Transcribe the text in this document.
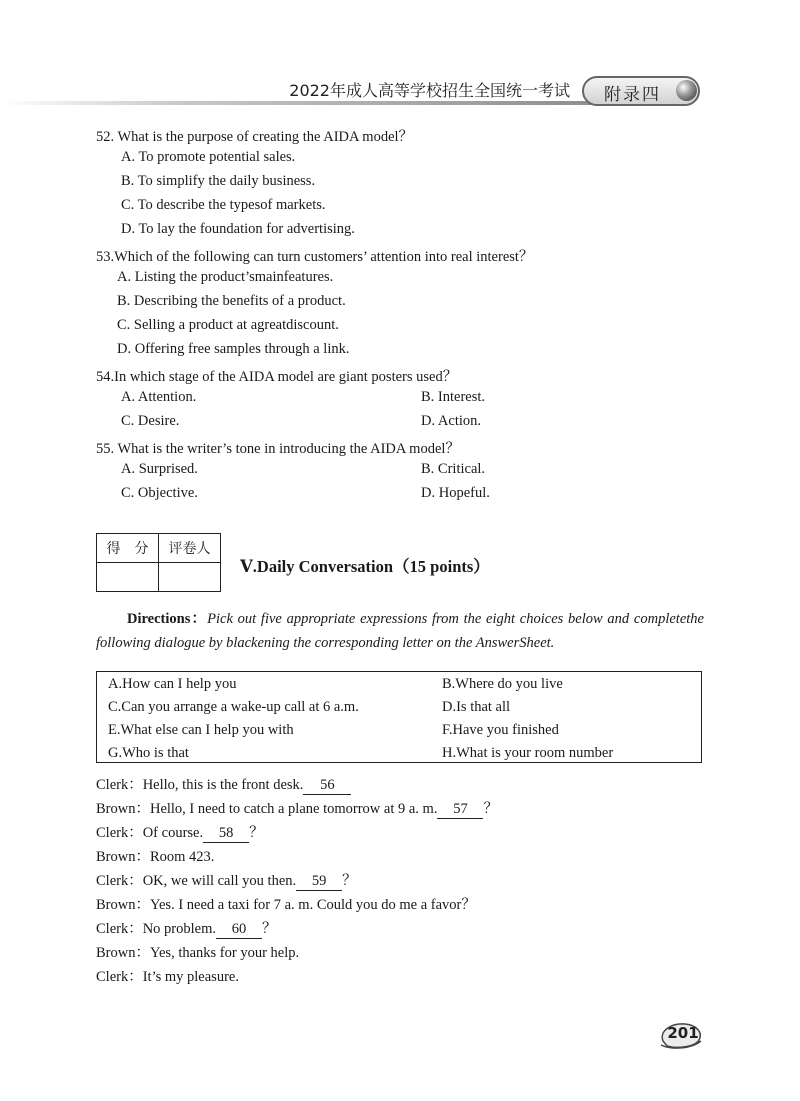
2022年成人高等学校招生全国统一考试 附录四
52. What is the purpose of creating the AIDA model？
A. To promote potential sales.
B. To simplify the daily business.
C. To describe the typesof markets.
D. To lay the foundation for advertising.
53.Which of the following can turn customers’ attention into real interest？
A. Listing the product’smainfeatures.
B. Describing the benefits of a product.
C. Selling a product at agreatdiscount.
D. Offering free samples through a link.
54.In which stage of the AIDA model are giant posters used？
A. Attention.	B. Interest.
C. Desire.	D. Action.
55. What is the writer’s tone in introducing the AIDA model？
A. Surprised.	B. Critical.
C. Objective.	D. Hopeful.
得　分	评卷人

Ⅴ.Daily Conversation（15 points）
Directions：Pick out five appropriate expressions from the eight choices below and completethe following dialogue by blackening the corresponding letter on the AnswerSheet.
A.How can I help you	B.Where do you live
C.Can you arrange a wake-up call at 6 a.m.	D.Is that all
E.What else can I help you with	F.Have you finished
G.Who is that	H.What is your room number
Clerk：Hello, this is the front desk. 56
Brown：Hello, I need to catch a plane tomorrow at 9 a. m. 57 ？
Clerk：Of course. 58 ？
Brown：Room 423.
Clerk：OK, we will call you then. 59 ？
Brown：Yes. I need a taxi for 7 a. m. Could you do me a favor？
Clerk：No problem. 60 ？
Brown：Yes, thanks for your help.
Clerk：It’s my pleasure.
201
